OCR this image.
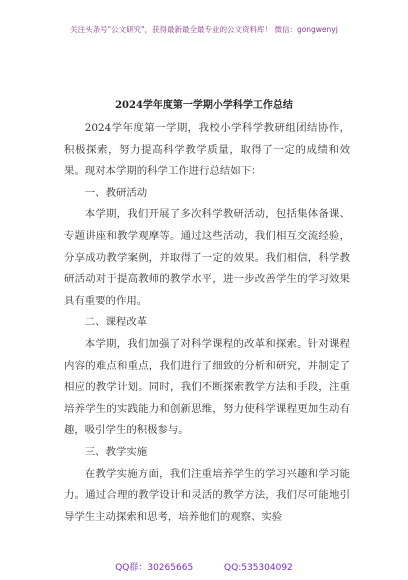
关注头条号"公文研究"，获得最新最全最专业的公文资料库！ 微信：gongwenyj
2024学年度第一学期小学科学工作总结

2024学年度第一学期，我校小学科学教研组团结协作，积极探索，努力提高科学教学质量，取得了一定的成绩和效果。现对本学期的科学工作进行总结如下：

一、教研活动

本学期，我们开展了多次科学教研活动，包括集体备课、专题讲座和教学观摩等。通过这些活动，我们相互交流经验，分享成功教学案例，并取得了一定的效果。我们相信，科学教研活动对于提高教师的教学水平，进一步改善学生的学习效果具有重要的作用。

二、课程改革

本学期，我们加强了对科学课程的改革和探索。针对课程内容的难点和重点，我们进行了细致的分析和研究，并制定了相应的教学计划。同时，我们不断探索教学方法和手段，注重培养学生的实践能力和创新思维，努力使科学课程更加生动有趣，吸引学生的积极参与。

三、教学实施

在教学实施方面，我们注重培养学生的学习兴趣和学习能力。通过合理的教学设计和灵活的教学方法，我们尽可能地引导学生主动探索和思考，培养他们的观察、实验

QQ群：30265665	QQ:535304092
